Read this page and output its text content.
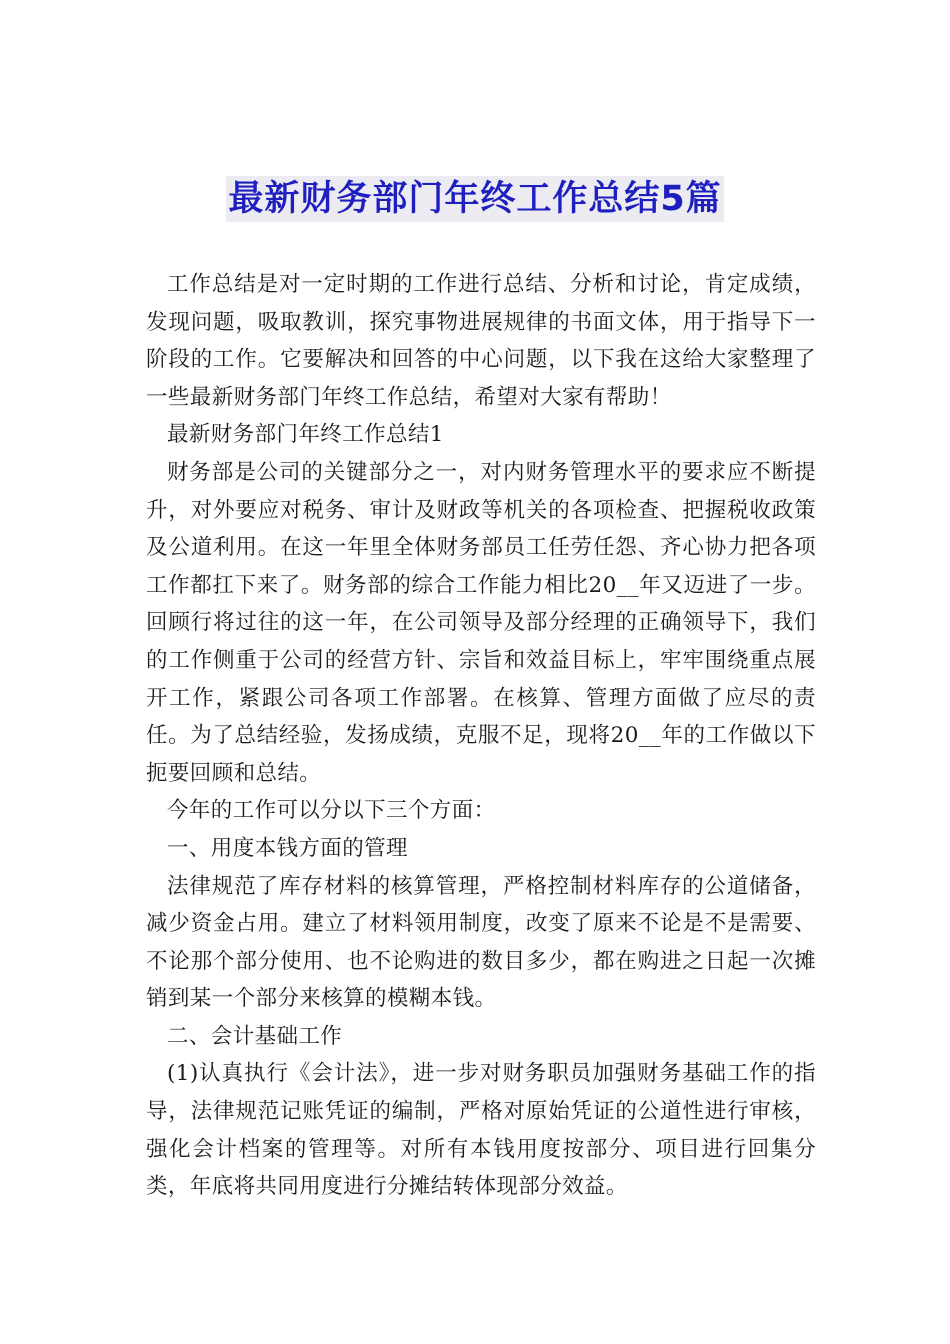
最新财务部门年终工作总结5篇

工作总结是对一定时期的工作进行总结、分析和讨论，肯定成绩，发现问题，吸取教训，探究事物进展规律的书面文体，用于指导下一阶段的工作。它要解决和回答的中心问题，以下我在这给大家整理了一些最新财务部门年终工作总结，希望对大家有帮助！

最新财务部门年终工作总结1

财务部是公司的关键部分之一，对内财务管理水平的要求应不断提升，对外要应对税务、审计及财政等机关的各项检查、把握税收政策及公道利用。在这一年里全体财务部员工任劳任怨、齐心协力把各项工作都扛下来了。财务部的综合工作能力相比20__年又迈进了一步。回顾行将过往的这一年，在公司领导及部分经理的正确领导下，我们的工作侧重于公司的经营方针、宗旨和效益目标上，牢牢围绕重点展开工作，紧跟公司各项工作部署。在核算、管理方面做了应尽的责任。为了总结经验，发扬成绩，克服不足，现将20__年的工作做以下扼要回顾和总结。

今年的工作可以分以下三个方面：

一、用度本钱方面的管理

法律规范了库存材料的核算管理，严格控制材料库存的公道储备，减少资金占用。建立了材料领用制度，改变了原来不论是不是需要、不论那个部分使用、也不论购进的数目多少，都在购进之日起一次摊销到某一个部分来核算的模糊本钱。

二、会计基础工作

(1)认真执行《会计法》，进一步对财务职员加强财务基础工作的指导，法律规范记账凭证的编制，严格对原始凭证的公道性进行审核，强化会计档案的管理等。对所有本钱用度按部分、项目进行回集分类，年底将共同用度进行分摊结转体现部分效益。
